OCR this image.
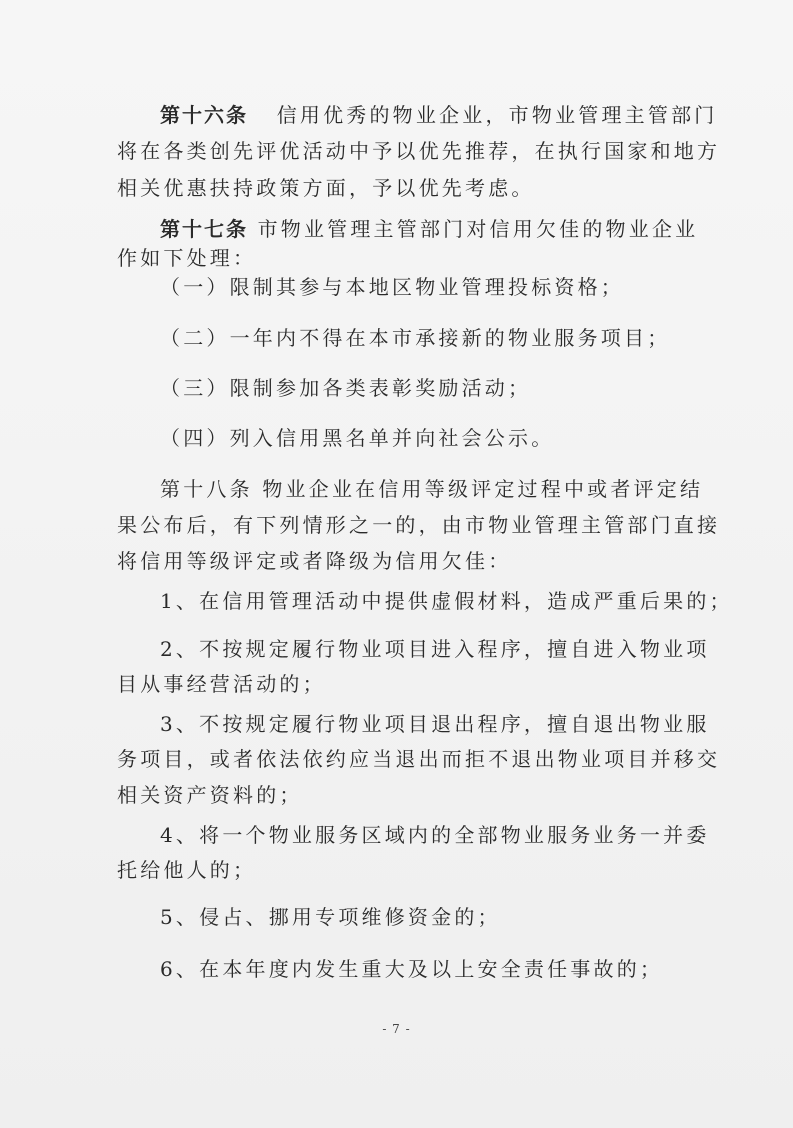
第十六条 信用优秀的物业企业，市物业管理主管部门
将在各类创先评优活动中予以优先推荐，在执行国家和地方
相关优惠扶持政策方面，予以优先考虑。
第十七条 市物业管理主管部门对信用欠佳的物业企业
作如下处理：
（一）限制其参与本地区物业管理投标资格；
（二）一年内不得在本市承接新的物业服务项目；
（三）限制参加各类表彰奖励活动；
（四）列入信用黑名单并向社会公示。
第十八条 物业企业在信用等级评定过程中或者评定结
果公布后，有下列情形之一的，由市物业管理主管部门直接
将信用等级评定或者降级为信用欠佳：
1、在信用管理活动中提供虚假材料，造成严重后果的；
2、不按规定履行物业项目进入程序，擅自进入物业项
目从事经营活动的；
3、不按规定履行物业项目退出程序，擅自退出物业服
务项目，或者依法依约应当退出而拒不退出物业项目并移交
相关资产资料的；
4、将一个物业服务区域内的全部物业服务业务一并委
托给他人的；
5、侵占、挪用专项维修资金的；
6、在本年度内发生重大及以上安全责任事故的；
- 7 -
